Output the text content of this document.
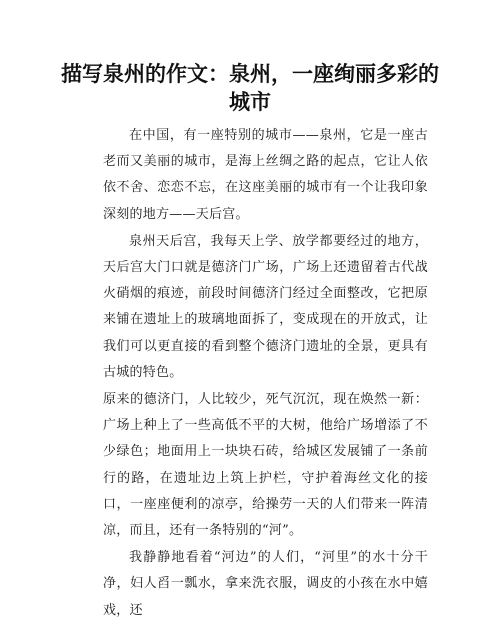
描写泉州的作文：泉州，一座绚丽多彩的城市

在中国，有一座特别的城市——泉州，它是一座古老而又美丽的城市，是海上丝绸之路的起点，它让人依依不舍、恋恋不忘，在这座美丽的城市有一个让我印象深刻的地方——天后宫。

泉州天后宫，我每天上学、放学都要经过的地方，天后宫大门口就是德济门广场，广场上还遗留着古代战火硝烟的痕迹，前段时间德济门经过全面整改，它把原来铺在遗址上的玻璃地面拆了，变成现在的开放式，让我们可以更直接的看到整个德济门遗址的全景，更具有古城的特色。

原来的德济门，人比较少，死气沉沉，现在焕然一新：广场上种上了一些高低不平的大树，他给广场增添了不少绿色；地面用上一块块石砖，给城区发展铺了一条前行的路，在遗址边上筑上护栏，守护着海丝文化的接口，一座座便利的凉亭，给操劳一天的人们带来一阵清凉，而且，还有一条特别的“河”。

我静静地看着“河边”的人们，“河里”的水十分干净，妇人舀一瓢水，拿来洗衣服，调皮的小孩在水中嬉戏，还
